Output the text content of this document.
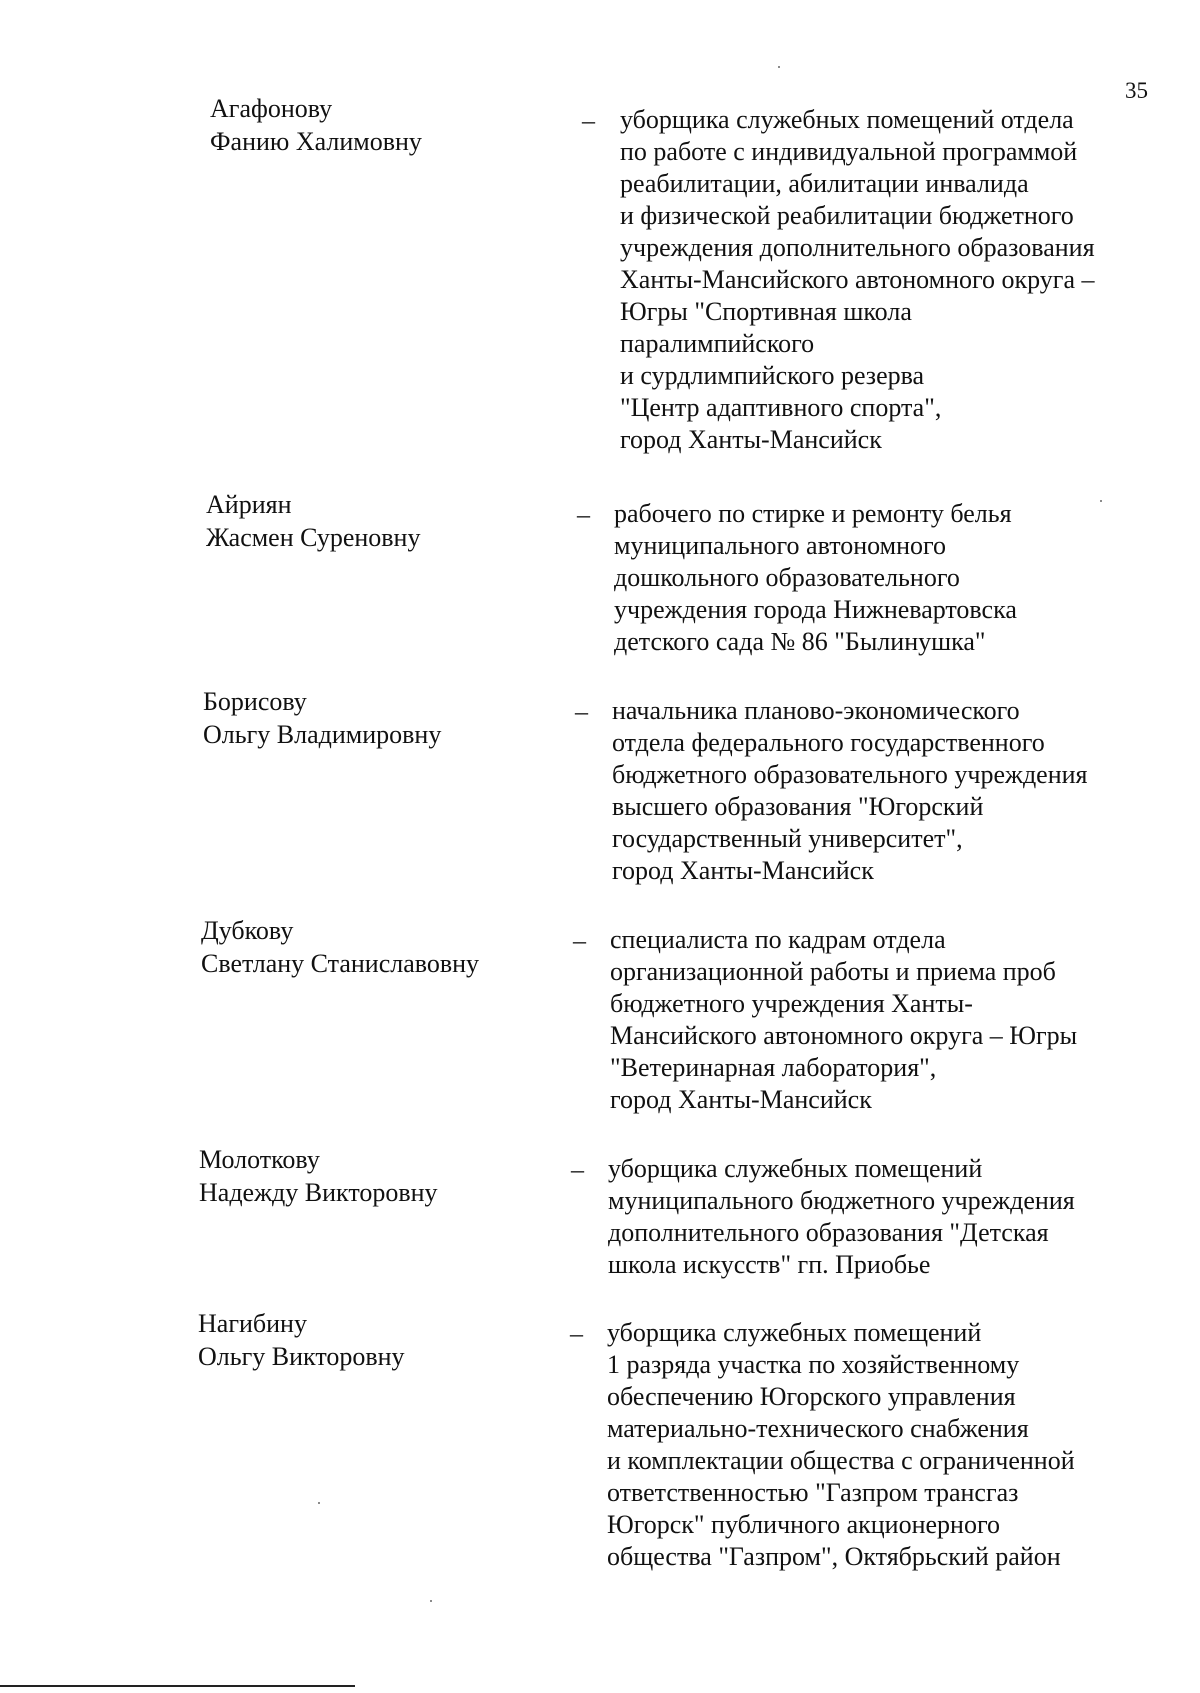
35
Агафонову
Фанию Халимовну
– уборщика служебных помещений отдела
по работе с индивидуальной программой
реабилитации, абилитации инвалида
и физической реабилитации бюджетного
учреждения дополнительного образования
Ханты-Мансийского автономного округа –
Югры "Спортивная школа
паралимпийского
и сурдлимпийского резерва
"Центр адаптивного спорта",
город Ханты-Мансийск
Айриян
Жасмен Суреновну
– рабочего по стирке и ремонту белья
муниципального автономного
дошкольного образовательного
учреждения города Нижневартовска
детского сада № 86 "Былинушка"
Борисову
Ольгу Владимировну
– начальника планово-экономического
отдела федерального государственного
бюджетного образовательного учреждения
высшего образования "Югорский
государственный университет",
город Ханты-Мансийск
Дубкову
Светлану Станиславовну
– специалиста по кадрам отдела
организационной работы и приема проб
бюджетного учреждения Ханты-
Мансийского автономного округа – Югры
"Ветеринарная лаборатория",
город Ханты-Мансийск
Молоткову
Надежду Викторовну
– уборщика служебных помещений
муниципального бюджетного учреждения
дополнительного образования "Детская
школа искусств" гп. Приобье
Нагибину
Ольгу Викторовну
– уборщика служебных помещений
1 разряда участка по хозяйственному
обеспечению Югорского управления
материально-технического снабжения
и комплектации общества с ограниченной
ответственностью "Газпром трансгаз
Югорск" публичного акционерного
общества "Газпром", Октябрьский район
